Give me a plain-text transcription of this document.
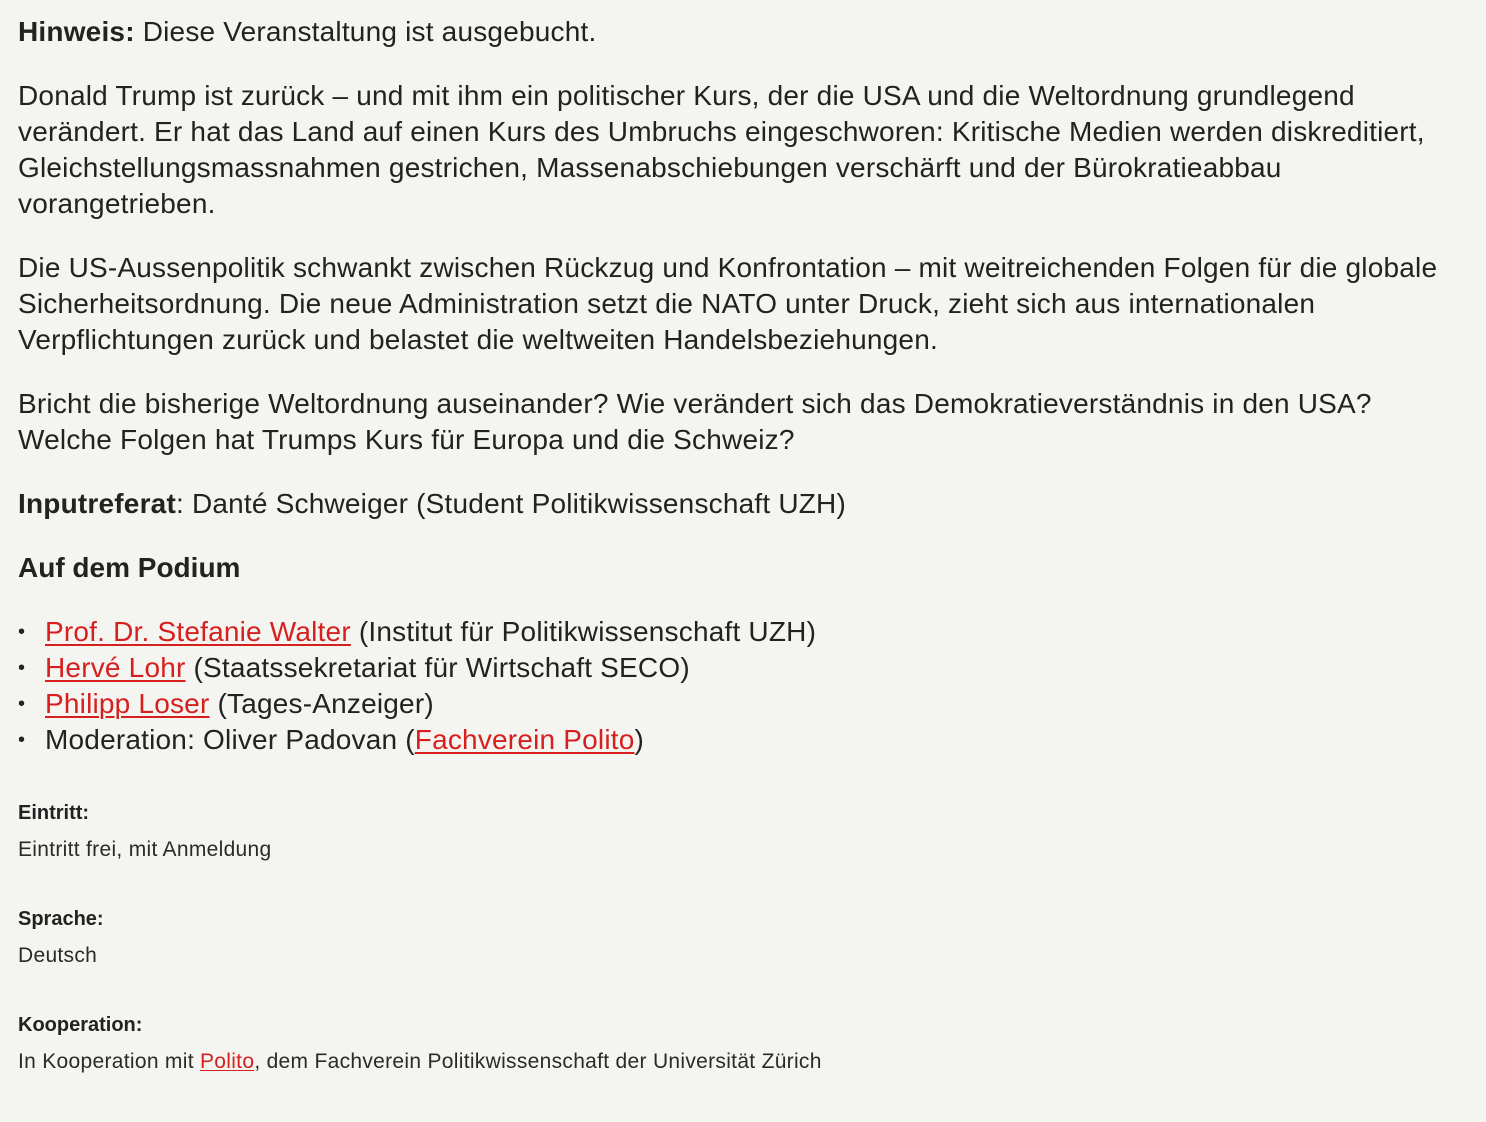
Hinweis: Diese Veranstaltung ist ausgebucht.

Donald Trump ist zurück – und mit ihm ein politischer Kurs, der die USA und die Weltordnung grundlegend verändert. Er hat das Land auf einen Kurs des Umbruchs eingeschworen: Kritische Medien werden diskreditiert, Gleichstellungsmassnahmen gestrichen, Massenabschiebungen verschärft und der Bürokratieabbau vorangetrieben.

Die US-Aussenpolitik schwankt zwischen Rückzug und Konfrontation – mit weitreichenden Folgen für die globale Sicherheitsordnung. Die neue Administration setzt die NATO unter Druck, zieht sich aus internationalen Verpflichtungen zurück und belastet die weltweiten Handelsbeziehungen.

Bricht die bisherige Weltordnung auseinander? Wie verändert sich das Demokratieverständnis in den USA? Welche Folgen hat Trumps Kurs für Europa und die Schweiz?

Inputreferat: Danté Schweiger (Student Politikwissenschaft UZH)

Auf dem Podium
• Prof. Dr. Stefanie Walter (Institut für Politikwissenschaft UZH)
• Hervé Lohr (Staatssekretariat für Wirtschaft SECO)
• Philipp Loser (Tages-Anzeiger)
• Moderation: Oliver Padovan (Fachverein Polito)
Eintritt:
Eintritt frei, mit Anmeldung
Sprache:
Deutsch
Kooperation:
In Kooperation mit Polito, dem Fachverein Politikwissenschaft der Universität Zürich
